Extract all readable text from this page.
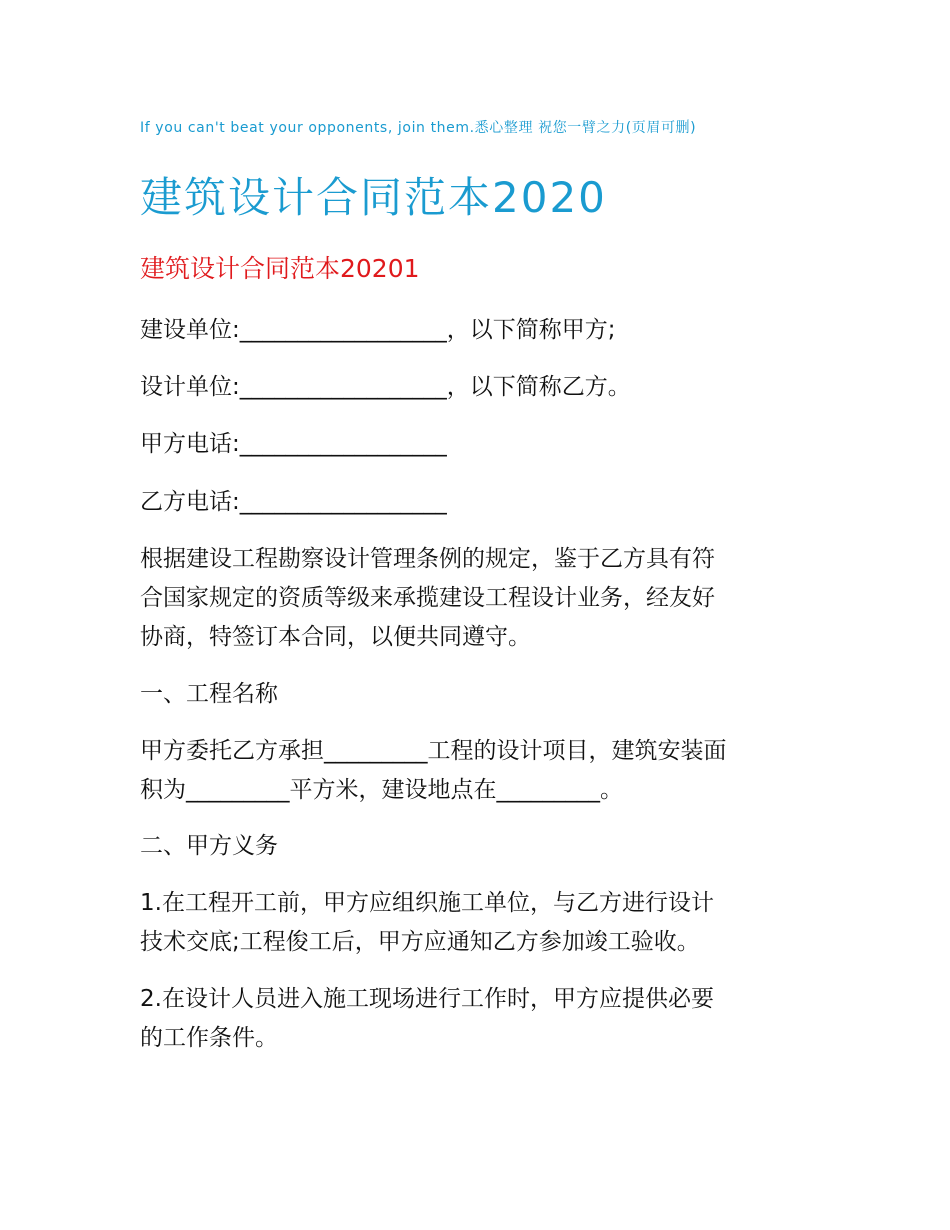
If you can't beat your opponents, join them.悉心整理 祝您一臂之力(页眉可删)
建筑设计合同范本2020
建筑设计合同范本20201
建设单位:__________________，以下简称甲方;
设计单位:__________________，以下简称乙方。
甲方电话:__________________
乙方电话:__________________
根据建设工程勘察设计管理条例的规定，鉴于乙方具有符
合国家规定的资质等级来承揽建设工程设计业务，经友好
协商，特签订本合同，以便共同遵守。
一、工程名称
甲方委托乙方承担_________工程的设计项目，建筑安装面
积为_________平方米，建设地点在_________。
二、甲方义务
1.在工程开工前，甲方应组织施工单位，与乙方进行设计
技术交底;工程俊工后，甲方应通知乙方参加竣工验收。
2.在设计人员进入施工现场进行工作时，甲方应提供必要
的工作条件。
